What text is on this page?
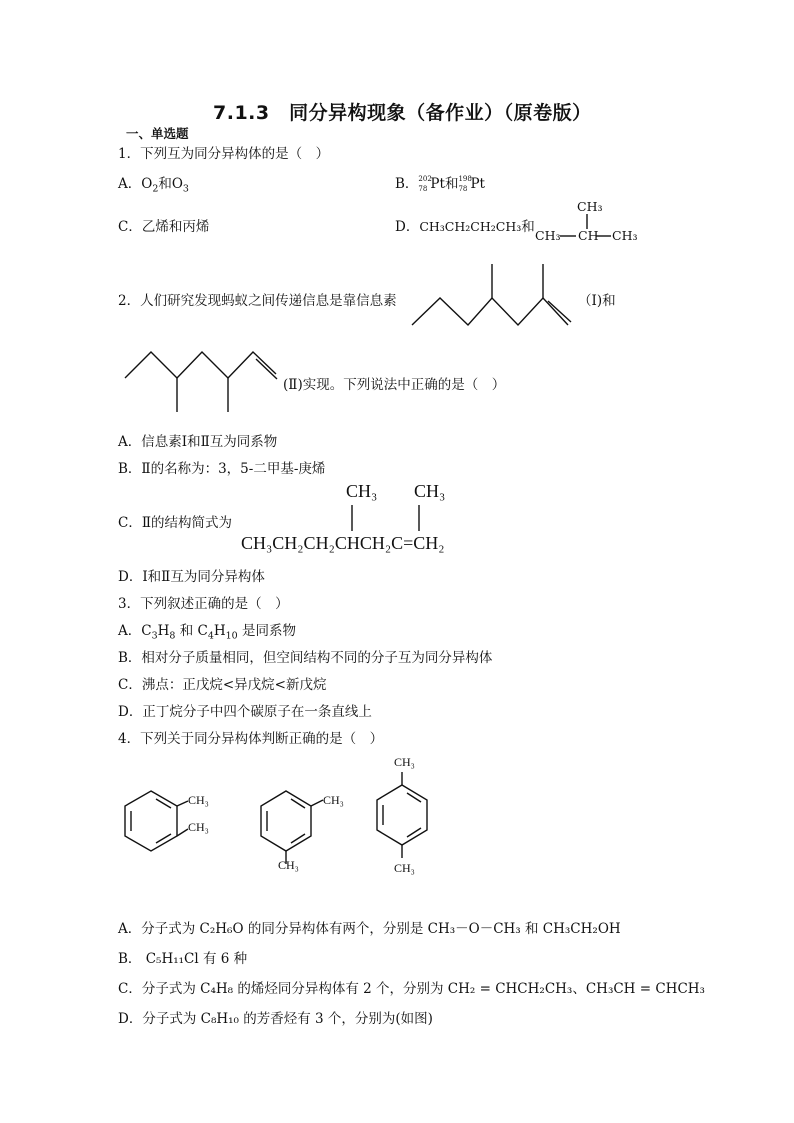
7.1.3　同分异构现象（备作业）（原卷版）
一、单选题
1．下列互为同分异构体的是（　）
A．$O_2$和$O_3$	B． 202
78 Pt和 198
78 Pt
C．乙烯和丙烯	D．CH₃CH₂CH₂CH₃和
CH₃
CH₃ CH CH₃
2．人们研究发现蚂蚁之间传递信息是靠信息素	（Ⅰ)和
(Ⅱ)实现。下列说法中正确的是（　）
A．信息素Ⅰ和Ⅱ互为同系物
B．Ⅱ的名称为：3，5-二甲基-庚烯
C．Ⅱ的结构简式为
CH₃ CH₃
CH₃CH₂CH₂CHCH₂C=CH₂
D．Ⅰ和Ⅱ互为同分异构体
3．下列叙述正确的是（　）
A．$C_3H_8$ 和 $C_4H_{10}$ 是同系物
B．相对分子质量相同，但空间结构不同的分子互为同分异构体
C．沸点：正戊烷<异戊烷<新戊烷
D．正丁烷分子中四个碳原子在一条直线上
4．下列关于同分异构体判断正确的是（　）
CH₃
CH₃
CH₃
CH₃
CH₃
CH₃
A．分子式为 C₂H₆O 的同分异构体有两个，分别是 CH₃－O－CH₃ 和 CH₃CH₂OH
B． C₅H₁₁Cl 有 6 种
C．分子式为 C₄H₈ 的烯烃同分异构体有 2 个，分别为 CH₂ = CHCH₂CH₃、CH₃CH = CHCH₃
D．分子式为 C₈H₁₀ 的芳香烃有 3 个，分别为(如图)
